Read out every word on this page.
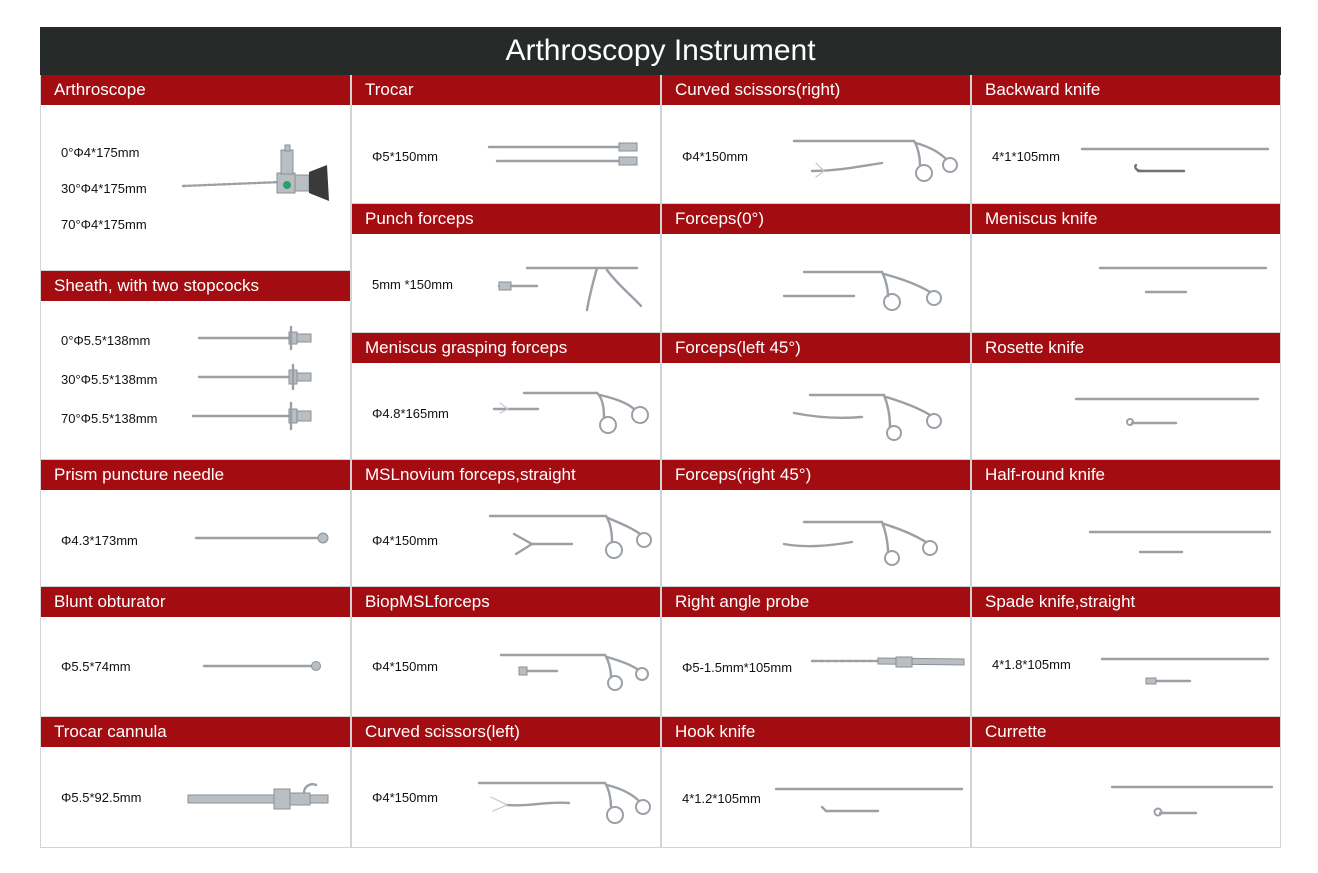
Arthroscopy Instrument
Arthroscope
0°Φ4*175mm
30°Φ4*175mm
70°Φ4*175mm
Sheath, with two stopcocks
0°Φ5.5*138mm
30°Φ5.5*138mm
70°Φ5.5*138mm
Prism puncture needle
Φ4.3*173mm
Blunt obturator
Φ5.5*74mm
Trocar cannula
Φ5.5*92.5mm
Trocar
Φ5*150mm
Punch forceps
5mm *150mm
Meniscus grasping forceps
Φ4.8*165mm
MSLnovium forceps,straight
Φ4*150mm
BiopMSLforceps
Φ4*150mm
Curved scissors(left)
Φ4*150mm
Curved scissors(right)
Φ4*150mm
Forceps(0°)
Forceps(left 45°)
Forceps(right 45°)
Right angle probe
Φ5-1.5mm*105mm
Hook knife
4*1.2*105mm
Backward knife
4*1*105mm
Meniscus knife
Rosette knife
Half-round knife
Spade knife,straight
4*1.8*105mm
Currette
